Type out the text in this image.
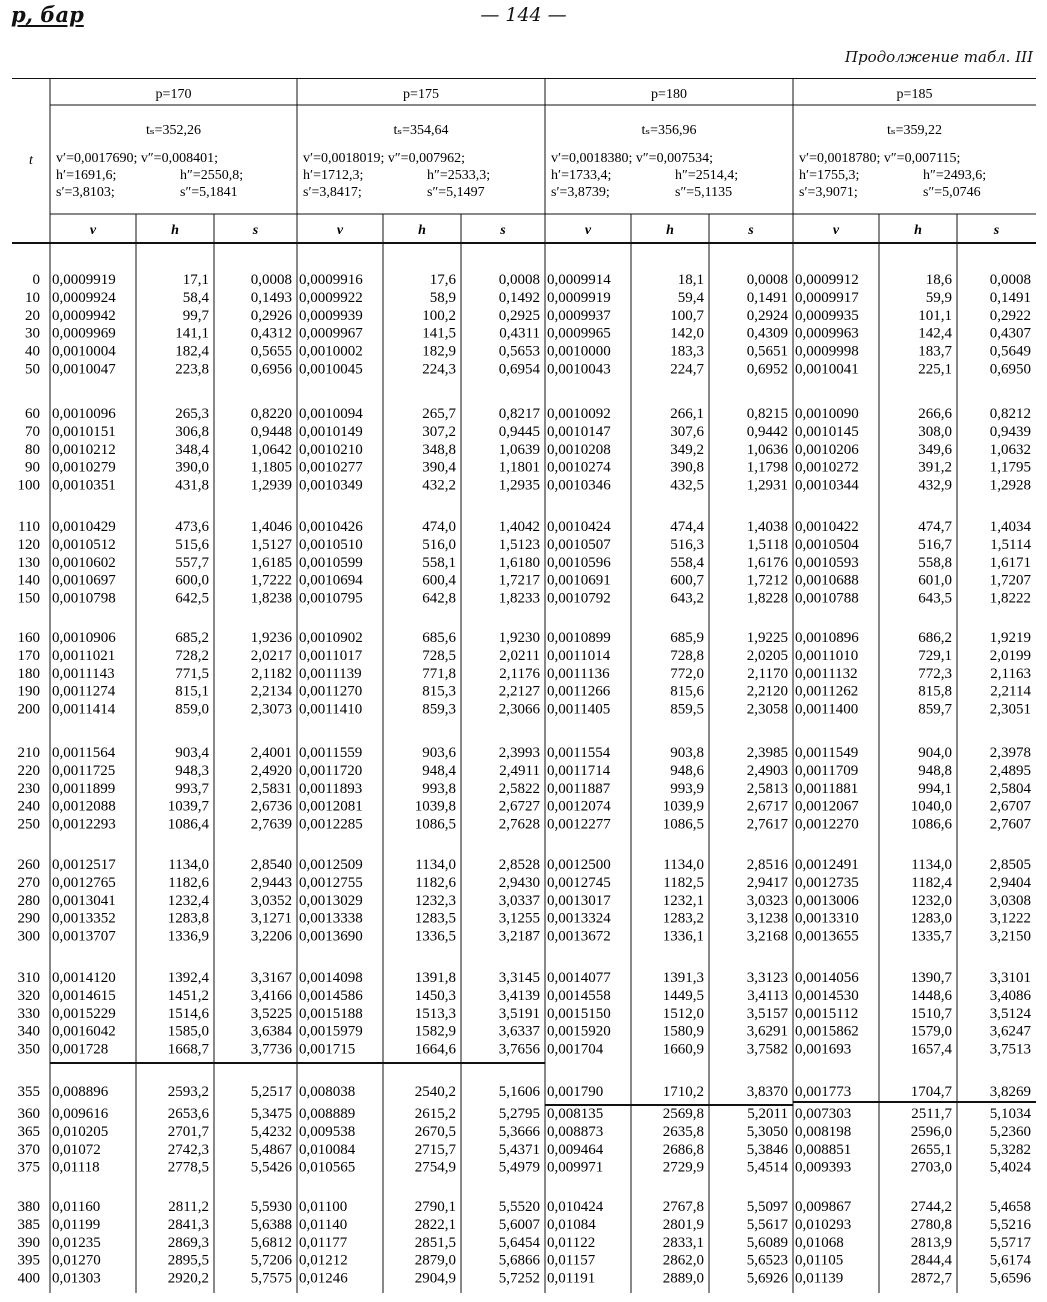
p, бар	— 144 —
Продолжение табл. III
t
p=170
tₛ=352,26
v′=0,0017690; v″=0,008401;
h′=1691,6;	h″=2550,8;
s′=3,8103;	s″=5,1841
v	h	s
p=175
tₛ=354,64
v′=0,0018019; v″=0,007962;
h′=1712,3;	h″=2533,3;
s′=3,8417;	s″=5,1497
v	h	s
p=180
tₛ=356,96
v′=0,0018380; v″=0,007534;
h′=1733,4;	h″=2514,4;
s′=3,8739;	s″=5,1135
v	h	s
p=185
tₛ=359,22
v′=0,0018780; v″=0,007115;
h′=1755,3;	h″=2493,6;
s′=3,9071;	s″=5,0746
v	h	s
0 0,0009919	17,1	0,0008 0,0009916	17,6	0,0008 0,0009914	18,1	0,0008 0,0009912	18,6	0,0008
10 0,0009924	58,4	0,1493 0,0009922	58,9	0,1492 0,0009919	59,4	0,1491 0,0009917	59,9	0,1491
20 0,0009942	99,7	0,2926 0,0009939	100,2	0,2925 0,0009937	100,7	0,2924 0,0009935	101,1	0,2922
30 0,0009969	141,1	0,4312 0,0009967	141,5	0,4311 0,0009965	142,0	0,4309 0,0009963	142,4	0,4307
40 0,0010004	182,4	0,5655 0,0010002	182,9	0,5653 0,0010000	183,3	0,5651 0,0009998	183,7	0,5649
50 0,0010047	223,8	0,6956 0,0010045	224,3	0,6954 0,0010043	224,7	0,6952 0,0010041	225,1	0,6950
60 0,0010096	265,3	0,8220 0,0010094	265,7	0,8217 0,0010092	266,1	0,8215 0,0010090	266,6	0,8212
70 0,0010151	306,8	0,9448 0,0010149	307,2	0,9445 0,0010147	307,6	0,9442 0,0010145	308,0	0,9439
80 0,0010212	348,4	1,0642 0,0010210	348,8	1,0639 0,0010208	349,2	1,0636 0,0010206	349,6	1,0632
90 0,0010279	390,0	1,1805 0,0010277	390,4	1,1801 0,0010274	390,8	1,1798 0,0010272	391,2	1,1795
100 0,0010351	431,8	1,2939 0,0010349	432,2	1,2935 0,0010346	432,5	1,2931 0,0010344	432,9	1,2928
110 0,0010429	473,6	1,4046 0,0010426	474,0	1,4042 0,0010424	474,4	1,4038 0,0010422	474,7	1,4034
120 0,0010512	515,6	1,5127 0,0010510	516,0	1,5123 0,0010507	516,3	1,5118 0,0010504	516,7	1,5114
130 0,0010602	557,7	1,6185 0,0010599	558,1	1,6180 0,0010596	558,4	1,6176 0,0010593	558,8	1,6171
140 0,0010697	600,0	1,7222 0,0010694	600,4	1,7217 0,0010691	600,7	1,7212 0,0010688	601,0	1,7207
150 0,0010798	642,5	1,8238 0,0010795	642,8	1,8233 0,0010792	643,2	1,8228 0,0010788	643,5	1,8222
160 0,0010906	685,2	1,9236 0,0010902	685,6	1,9230 0,0010899	685,9	1,9225 0,0010896	686,2	1,9219
170 0,0011021	728,2	2,0217 0,0011017	728,5	2,0211 0,0011014	728,8	2,0205 0,0011010	729,1	2,0199
180 0,0011143	771,5	2,1182 0,0011139	771,8	2,1176 0,0011136	772,0	2,1170 0,0011132	772,3	2,1163
190 0,0011274	815,1	2,2134 0,0011270	815,3	2,2127 0,0011266	815,6	2,2120 0,0011262	815,8	2,2114
200 0,0011414	859,0	2,3073 0,0011410	859,3	2,3066 0,0011405	859,5	2,3058 0,0011400	859,7	2,3051
210 0,0011564	903,4	2,4001 0,0011559	903,6	2,3993 0,0011554	903,8	2,3985 0,0011549	904,0	2,3978
220 0,0011725	948,3	2,4920 0,0011720	948,4	2,4911 0,0011714	948,6	2,4903 0,0011709	948,8	2,4895
230 0,0011899	993,7	2,5831 0,0011893	993,8	2,5822 0,0011887	993,9	2,5813 0,0011881	994,1	2,5804
240 0,0012088	1039,7	2,6736 0,0012081	1039,8	2,6727 0,0012074	1039,9	2,6717 0,0012067	1040,0	2,6707
250 0,0012293	1086,4	2,7639 0,0012285	1086,5	2,7628 0,0012277	1086,5	2,7617 0,0012270	1086,6	2,7607
260 0,0012517	1134,0	2,8540 0,0012509	1134,0	2,8528 0,0012500	1134,0	2,8516 0,0012491	1134,0	2,8505
270 0,0012765	1182,6	2,9443 0,0012755	1182,6	2,9430 0,0012745	1182,5	2,9417 0,0012735	1182,4	2,9404
280 0,0013041	1232,4	3,0352 0,0013029	1232,3	3,0337 0,0013017	1232,1	3,0323 0,0013006	1232,0	3,0308
290 0,0013352	1283,8	3,1271 0,0013338	1283,5	3,1255 0,0013324	1283,2	3,1238 0,0013310	1283,0	3,1222
300 0,0013707	1336,9	3,2206 0,0013690	1336,5	3,2187 0,0013672	1336,1	3,2168 0,0013655	1335,7	3,2150
310 0,0014120	1392,4	3,3167 0,0014098	1391,8	3,3145 0,0014077	1391,3	3,3123 0,0014056	1390,7	3,3101
320 0,0014615	1451,2	3,4166 0,0014586	1450,3	3,4139 0,0014558	1449,5	3,4113 0,0014530	1448,6	3,4086
330 0,0015229	1514,6	3,5225 0,0015188	1513,3	3,5191 0,0015150	1512,0	3,5157 0,0015112	1510,7	3,5124
340 0,0016042	1585,0	3,6384 0,0015979	1582,9	3,6337 0,0015920	1580,9	3,6291 0,0015862	1579,0	3,6247
350 0,001728	1668,7	3,7736 0,001715	1664,6	3,7656 0,001704	1660,9	3,7582 0,001693	1657,4	3,7513
355 0,008896	2593,2	5,2517 0,008038	2540,2	5,1606 0,001790	1710,2	3,8370 0,001773	1704,7	3,8269
360 0,009616	2653,6	5,3475 0,008889	2615,2	5,2795 0,008135	2569,8	5,2011 0,007303	2511,7	5,1034
365 0,010205	2701,7	5,4232 0,009538	2670,5	5,3666 0,008873	2635,8	5,3050 0,008198	2596,0	5,2360
370 0,01072	2742,3	5,4867 0,010084	2715,7	5,4371 0,009464	2686,8	5,3846 0,008851	2655,1	5,3282
375 0,01118	2778,5	5,5426 0,010565	2754,9	5,4979 0,009971	2729,9	5,4514 0,009393	2703,0	5,4024
380 0,01160	2811,2	5,5930 0,01100	2790,1	5,5520 0,010424	2767,8	5,5097 0,009867	2744,2	5,4658
385 0,01199	2841,3	5,6388 0,01140	2822,1	5,6007 0,01084	2801,9	5,5617 0,010293	2780,8	5,5216
390 0,01235	2869,3	5,6812 0,01177	2851,5	5,6454 0,01122	2833,1	5,6089 0,01068	2813,9	5,5717
395 0,01270	2895,5	5,7206 0,01212	2879,0	5,6866 0,01157	2862,0	5,6523 0,01105	2844,4	5,6174
400 0,01303	2920,2	5,7575 0,01246	2904,9	5,7252 0,01191	2889,0	5,6926 0,01139	2872,7	5,6596
